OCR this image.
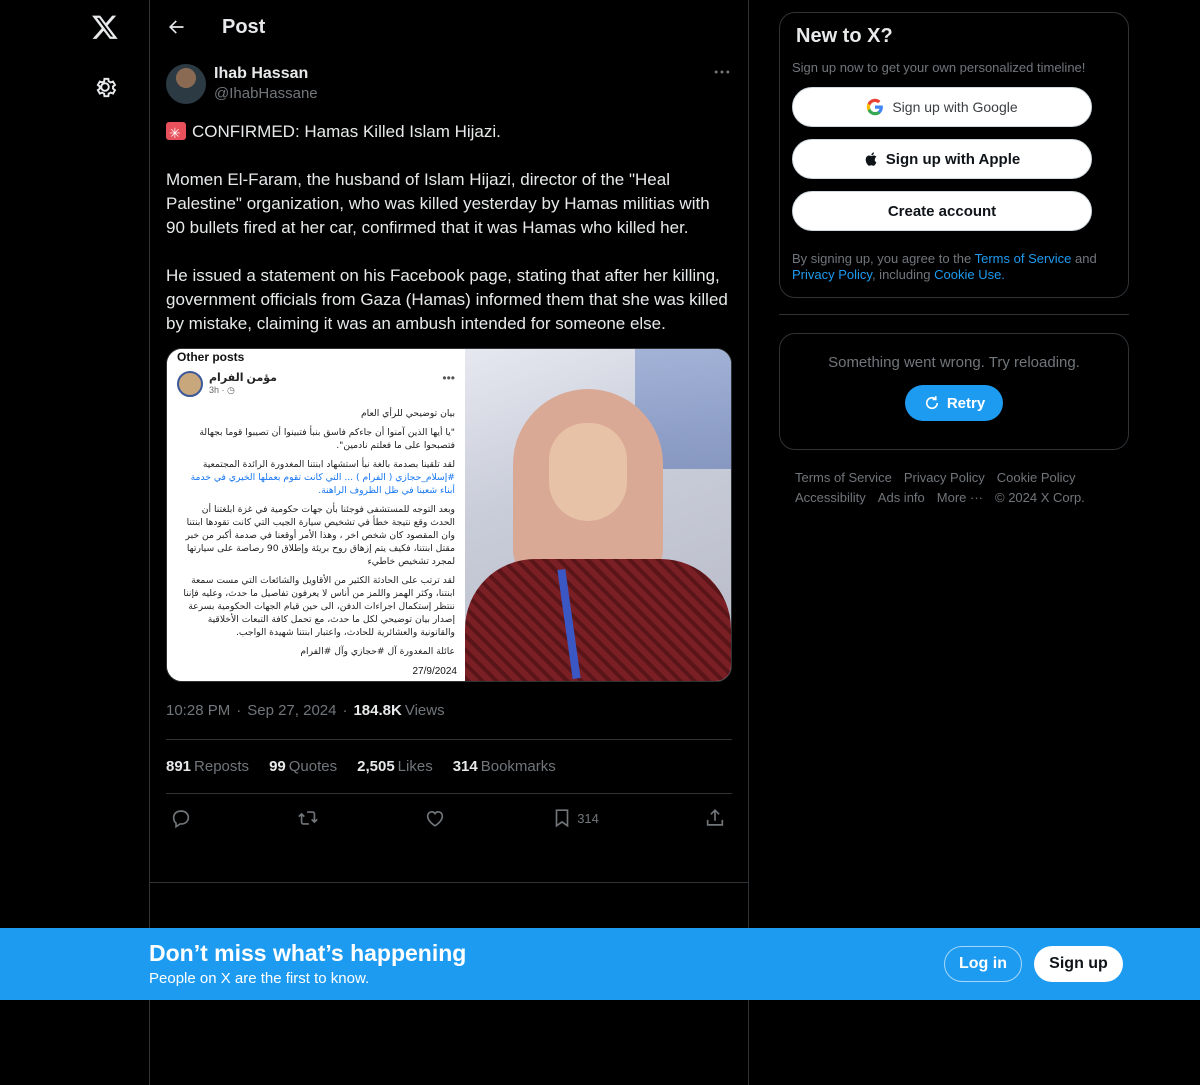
Post
Ihab Hassan
@IhabHassane

✳CONFIRMED: Hamas Killed Islam Hijazi.

Momen El-Faram, the husband of Islam Hijazi, director of the "Heal Palestine" organization, who was killed yesterday by Hamas militias with 90 bullets fired at her car, confirmed that it was Hamas who killed her.

He issued a statement on his Facebook page, stating that after her killing, government officials from Gaza (Hamas) informed them that she was killed by mistake, claiming it was an ambush intended for someone else.

Other posts
مؤمن الفرام
3h · ◷
•••
بيان توضيحي للرأي العام
"يا أيها الذين آمنوا أن جاءكم فاسق بنبأ فتبينوا أن تصيبوا قوما بجهالة فتصبحوا على ما فعلتم نادمين".
لقد تلقينا بصدمة بالغة نبأ استشهاد ابنتنا المغدورة الرائدة المجتمعية
#إسلام_حجازي ( الفرام ) ... التي كانت تقوم بعملها الخيري في خدمة أبناء شعبنا في ظل الظروف الراهنة.
وبعد التوجه للمستشفى فوجئنا بأن جهات حكومية في غزة ابلغتنا أن الحدث وقع نتيجة خطأ في تشخيص سيارة الجيب التي كانت تقودها ابنتنا وان المقصود كان شخص اخر ، وهذا الأمر أوقعنا في صدمة أكبر من خبر مقتل ابنتنا، فكيف يتم إزهاق روح بريئة وإطلاق 90 رصاصة على سيارتها لمجرد تشخيص خاطيء
لقد ترتب على الحادثة الكثير من الأقاويل والشائعات التي مست سمعة ابنتنا، وكثر الهمز واللمز من أناس لا يعرفون تفاصيل ما حدث، وعليه فإننا ننتظر إستكمال اجراءات الدفن، الى حين قيام الجهات الحكومية بسرعة إصدار بيان توضيحي لكل ما حدث، مع تحمل كافة التبعات الأخلاقية والقانونية والعشائرية للحادث، واعتبار ابنتنا شهيدة الواجب.
عائلة المغدورة آل #حجازي وآل #الفرام
27/9/2024
10:28 PM · Sep 27, 2024 · 184.8K Views
891 Reposts 99 Quotes 2,505 Likes 314 Bookmarks
314
New to X?
Sign up now to get your own personalized timeline!
Sign up with Google
Sign up with Apple
Create account
By signing up, you agree to the Terms of Service and Privacy Policy, including Cookie Use.
Something went wrong. Try reloading.
Retry
Terms of Service Privacy Policy Cookie Policy
Accessibility Ads info More ··· © 2024 X Corp.
Don’t miss what’s happening
People on X are the first to know.
Log in	Sign up
